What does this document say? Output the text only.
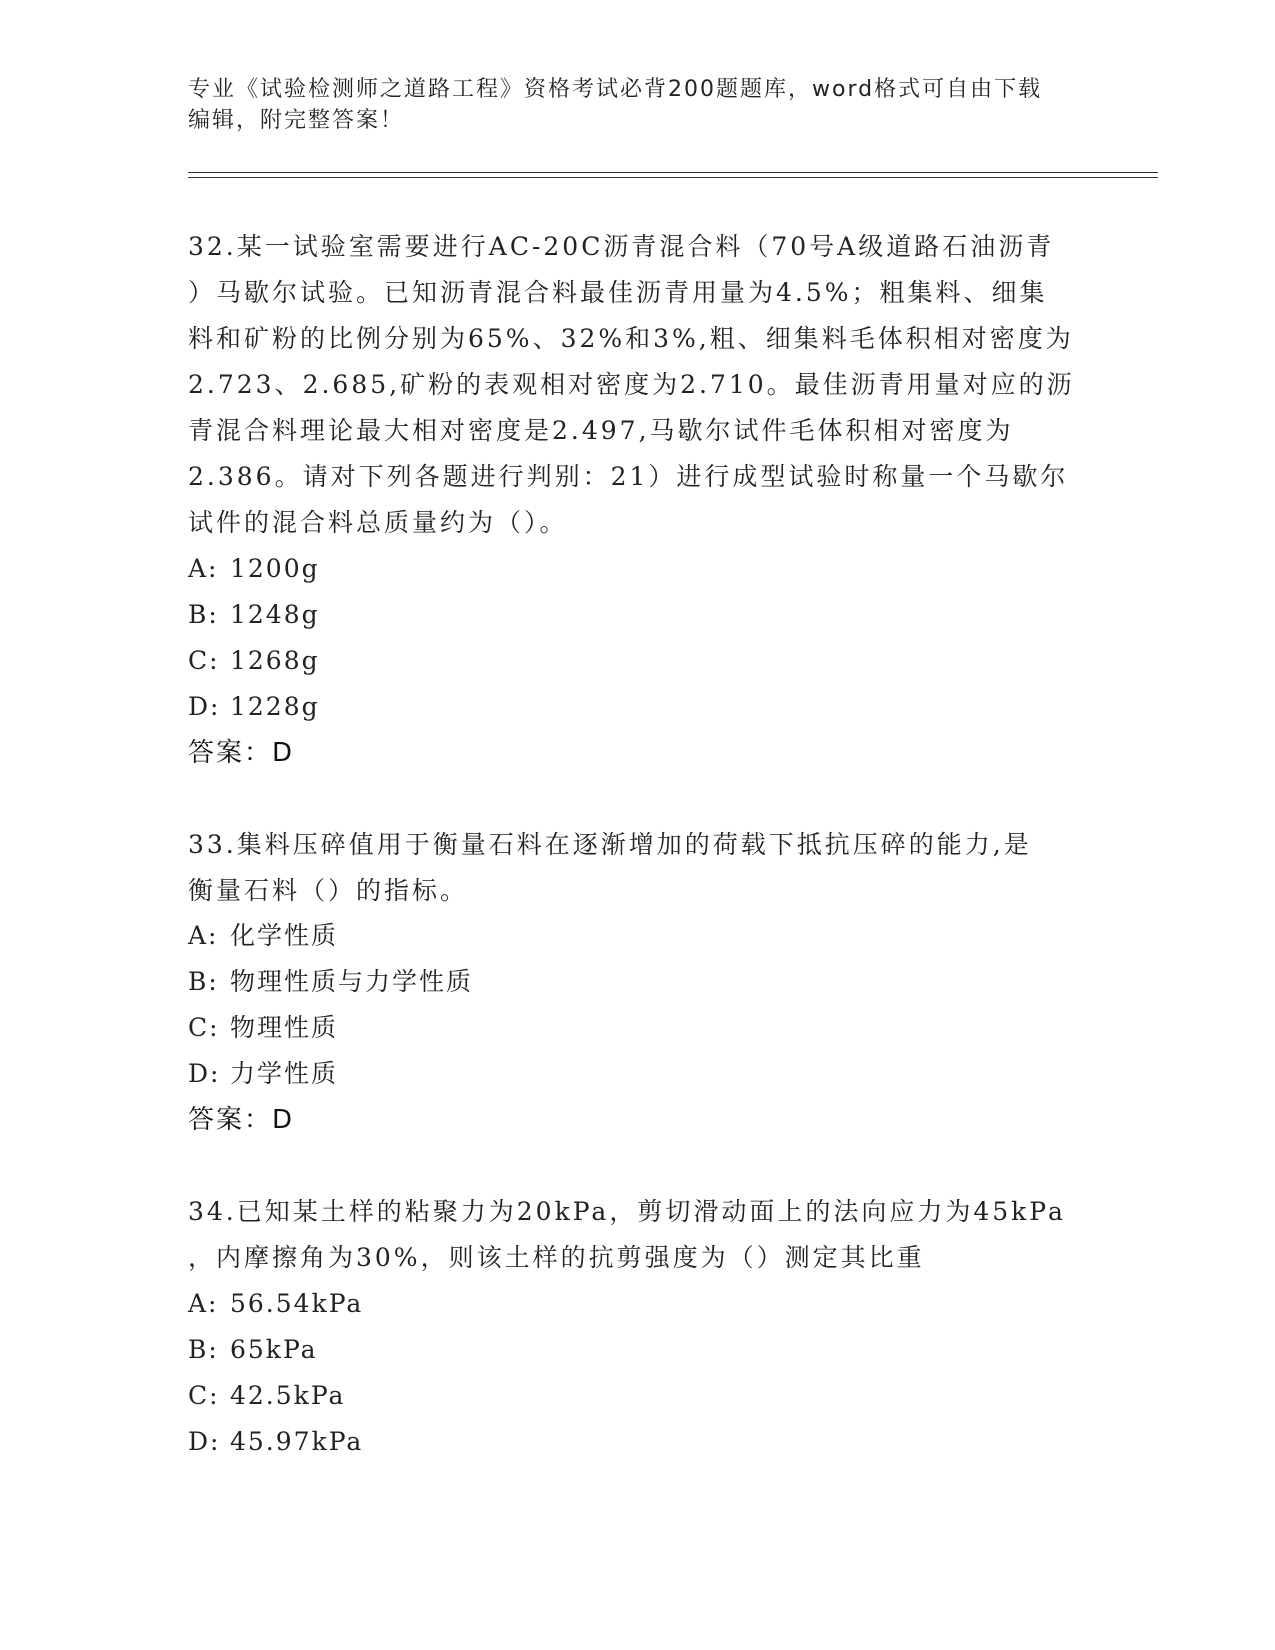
专业《试验检测师之道路工程》资格考试必背200题题库，word格式可自由下载
编辑，附完整答案！
32.某一试验室需要进行AC-20C沥青混合料（70号A级道路石油沥青
）马歇尔试验。已知沥青混合料最佳沥青用量为4.5%；粗集料、细集
料和矿粉的比例分别为65%、32%和3%,粗、细集料毛体积相对密度为
2.723、2.685,矿粉的表观相对密度为2.710。最佳沥青用量对应的沥
青混合料理论最大相对密度是2.497,马歇尔试件毛体积相对密度为
2.386。请对下列各题进行判别：21）进行成型试验时称量一个马歇尔
试件的混合料总质量约为（）。
A: 1200g
B: 1248g
C: 1268g
D: 1228g
答案：D
33.集料压碎值用于衡量石料在逐渐增加的荷载下抵抗压碎的能力,是
衡量石料（）的指标。
A: 化学性质
B: 物理性质与力学性质
C: 物理性质
D: 力学性质
答案：D
34.已知某土样的粘聚力为20kPa，剪切滑动面上的法向应力为45kPa
，内摩擦角为30%，则该土样的抗剪强度为（）测定其比重
A: 56.54kPa
B: 65kPa
C: 42.5kPa
D: 45.97kPa
